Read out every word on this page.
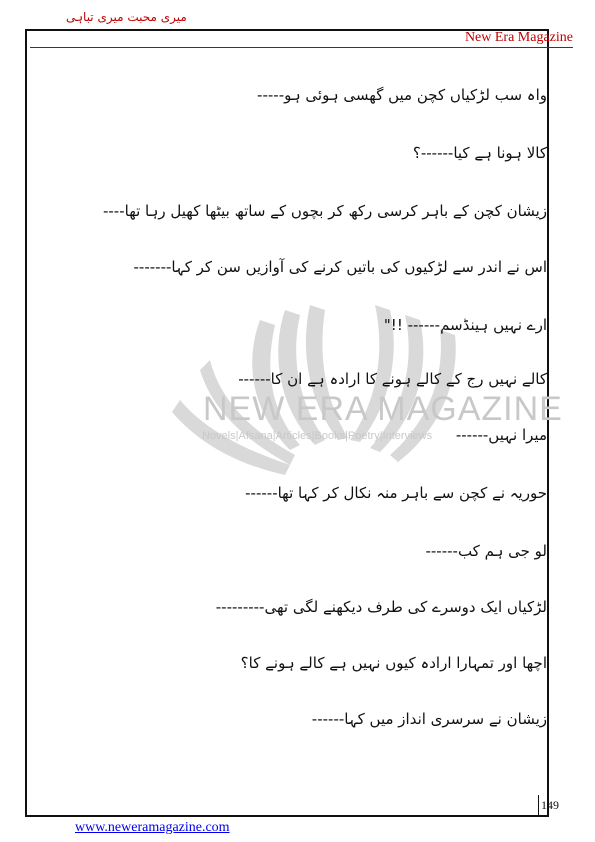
میری محبت میری تباہی
New Era Magazine
NEW ERA MAGAZINE
Novels|Afsana|Articles|Books|Poetry|Interviews
واہ سب لڑکیاں کچن میں گھسی ہوئی ہو-----
کالا ہونا ہے کیا------؟
زیشان کچن کے باہر کرسی رکھ کر بچوں کے ساتھ بیٹھا کھیل رہا تھا----
اس نے اندر سے لڑکیوں کی باتیں کرنے کی آوازیں سن کر کہا-------
ارے نہیں ہینڈسم------ !!"
کالے نہیں رج کے کالے ہونے کا ارادہ ہے ان کا------
میرا نہیں------
حوریہ نے کچن سے باہر منہ نکال کر کہا تھا------
لو جی ہم کب------
لڑکیاں ایک دوسرے کی طرف دیکھنے لگی تھی---------
اچھا اور تمہارا ارادہ کیوں نہیں ہے کالے ہونے کا؟
زیشان نے سرسری انداز میں کہا------
149
www.neweramagazine.com
